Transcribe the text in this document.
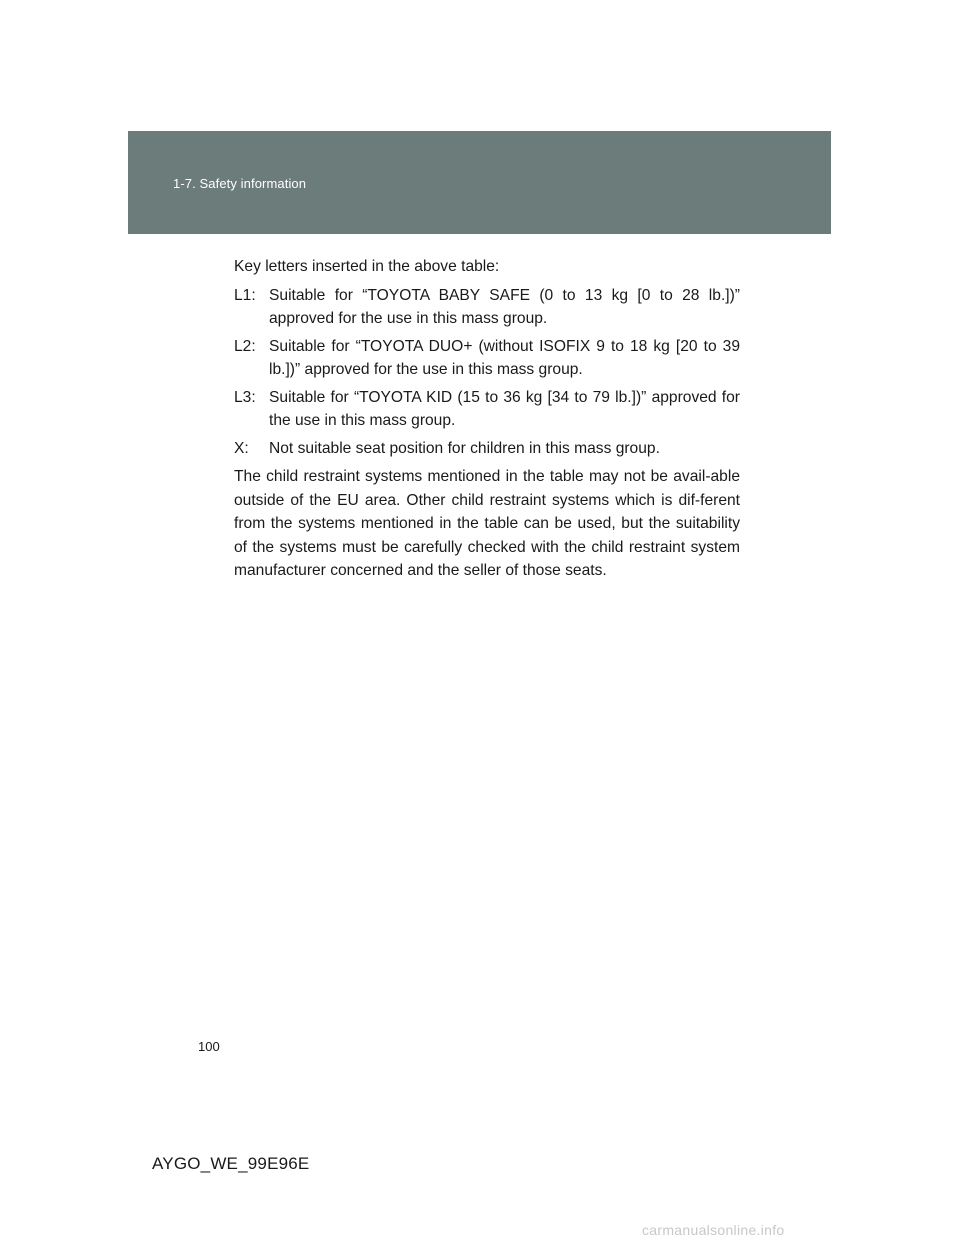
1-7. Safety information

Key letters inserted in the above table:

L1: Suitable for “TOYOTA BABY SAFE (0 to 13 kg [0 to 28 lb.])” approved for the use in this mass group.
L2: Suitable for “TOYOTA DUO+ (without ISOFIX 9 to 18 kg [20 to 39 lb.])” approved for the use in this mass group.
L3: Suitable for “TOYOTA KID (15 to 36 kg [34 to 79 lb.])” approved for the use in this mass group.
X:	Not suitable seat position for children in this mass group.

The child restraint systems mentioned in the table may not be avail-able outside of the EU area. Other child restraint systems which is dif-ferent from the systems mentioned in the table can be used, but the suitability of the systems must be carefully checked with the child restraint system manufacturer concerned and the seller of those seats.

100
AYGO_WE_99E96E
carmanualsonline.info
